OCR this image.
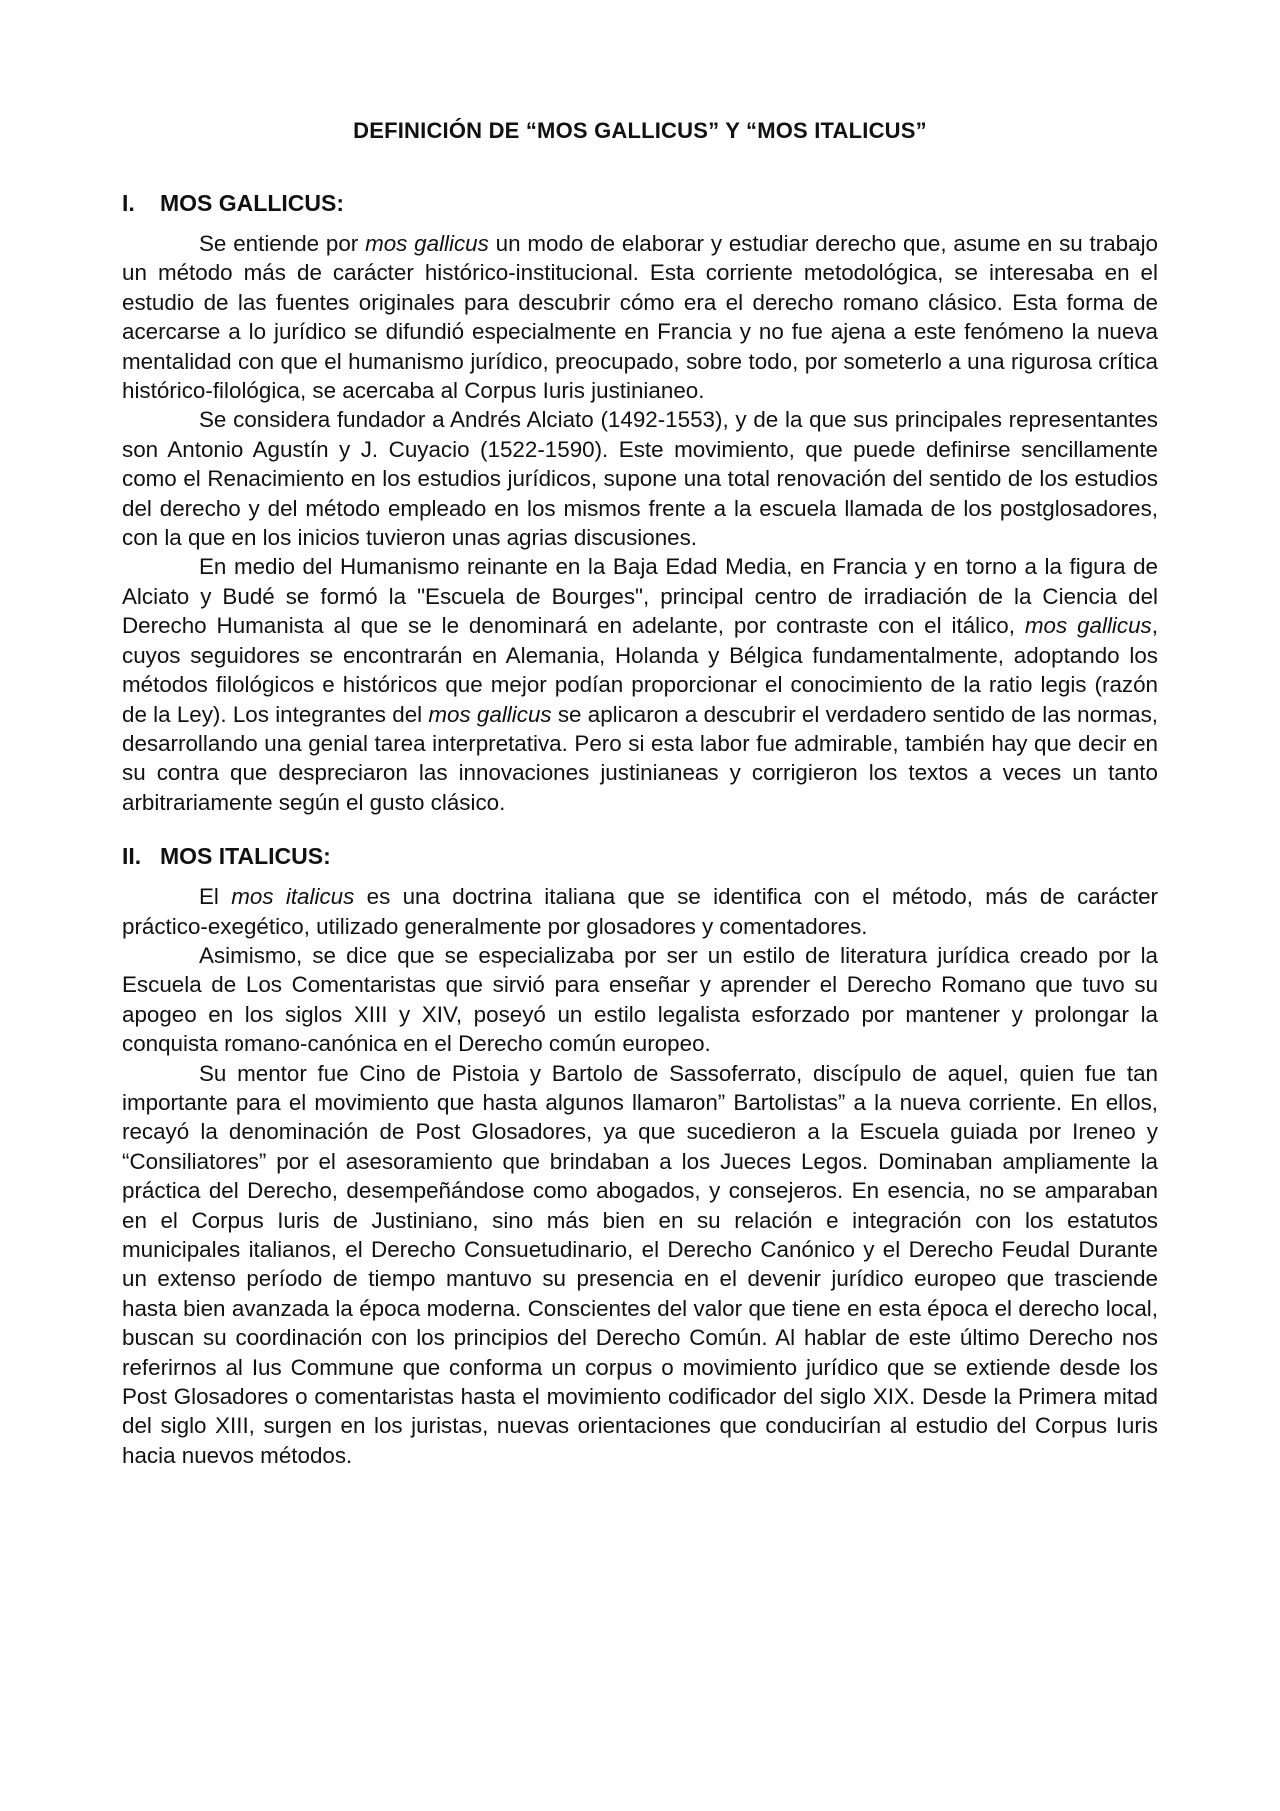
DEFINICIÓN DE “MOS GALLICUS” Y “MOS ITALICUS”
I.	MOS GALLICUS:

Se entiende por mos gallicus un modo de elaborar y estudiar derecho que, asume en su trabajo un método más de carácter histórico-institucional. Esta corriente metodológica, se interesaba en el estudio de las fuentes originales para descubrir cómo era el derecho romano clásico. Esta forma de acercarse a lo jurídico se difundió especialmente en Francia y no fue ajena a este fenómeno la nueva mentalidad con que el humanismo jurídico, preocupado, sobre todo, por someterlo a una rigurosa crítica histórico-filológica, se acercaba al Corpus Iuris justinianeo.

Se considera fundador a Andrés Alciato (1492-1553), y de la que sus principales representantes son Antonio Agustín y J. Cuyacio (1522-1590). Este movimiento, que puede definirse sencillamente como el Renacimiento en los estudios jurídicos, supone una total renovación del sentido de los estudios del derecho y del método empleado en los mismos frente a la escuela llamada de los postglosadores, con la que en los inicios tuvieron unas agrias discusiones.

En medio del Humanismo reinante en la Baja Edad Media, en Francia y en torno a la figura de Alciato y Budé se formó la "Escuela de Bourges", principal centro de irradiación de la Ciencia del Derecho Humanista al que se le denominará en adelante, por contraste con el itálico, mos gallicus, cuyos seguidores se encontrarán en Alemania, Holanda y Bélgica fundamentalmente, adoptando los métodos filológicos e históricos que mejor podían proporcionar el conocimiento de la ratio legis (razón de la Ley). Los integrantes del mos gallicus se aplicaron a descubrir el verdadero sentido de las normas, desarrollando una genial tarea interpretativa. Pero si esta labor fue admirable, también hay que decir en su contra que despreciaron las innovaciones justinianeas y corrigieron los textos a veces un tanto arbitrariamente según el gusto clásico.

II. MOS ITALICUS:

El mos italicus es una doctrina italiana que se identifica con el método, más de carácter práctico-exegético, utilizado generalmente por glosadores y comentadores.

Asimismo, se dice que se especializaba por ser un estilo de literatura jurídica creado por la Escuela de Los Comentaristas que sirvió para enseñar y aprender el Derecho Romano que tuvo su apogeo en los siglos XIII y XIV, poseyó un estilo legalista esforzado por mantener y prolongar la conquista romano-canónica en el Derecho común europeo.

Su mentor fue Cino de Pistoia y Bartolo de Sassoferrato, discípulo de aquel, quien fue tan importante para el movimiento que hasta algunos llamaron” Bartolistas” a la nueva corriente. En ellos, recayó la denominación de Post Glosadores, ya que sucedieron a la Escuela guiada por Ireneo y “Consiliatores” por el asesoramiento que brindaban a los Jueces Legos. Dominaban ampliamente la práctica del Derecho, desempeñándose como abogados, y consejeros. En esencia, no se amparaban en el Corpus Iuris de Justiniano, sino más bien en su relación e integración con los estatutos municipales italianos, el Derecho Consuetudinario, el Derecho Canónico y el Derecho Feudal Durante un extenso período de tiempo mantuvo su presencia en el devenir jurídico europeo que trasciende hasta bien avanzada la época moderna. Conscientes del valor que tiene en esta época el derecho local, buscan su coordinación con los principios del Derecho Común. Al hablar de este último Derecho nos referirnos al Ius Commune que conforma un corpus o movimiento jurídico que se extiende desde los Post Glosadores o comentaristas hasta el movimiento codificador del siglo XIX. Desde la Primera mitad del siglo XIII, surgen en los juristas, nuevas orientaciones que conducirían al estudio del Corpus Iuris hacia nuevos métodos.
